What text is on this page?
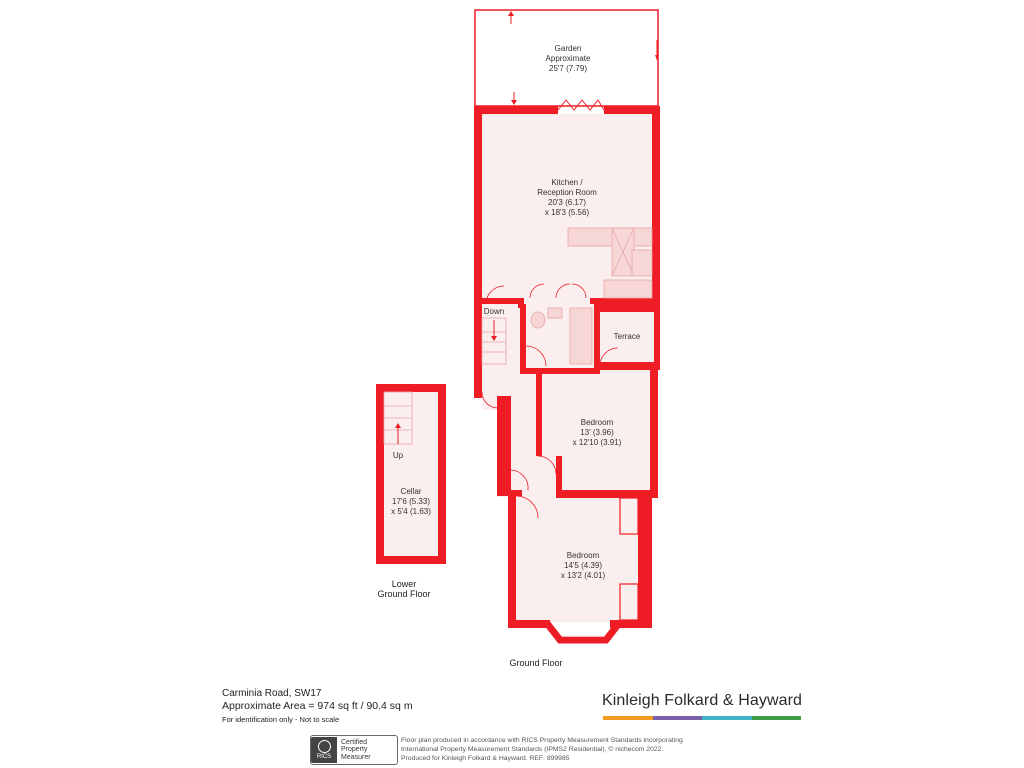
Garden
Approximate
25'7 (7.79)
Kitchen /
Reception Room
20'3 (6.17)
x 18'3 (5.56)
Down
Terrace
Bedroom
13' (3.96)
x 12'10 (3.91)
Bedroom
14'5 (4.39)
x 13'2 (4.01)
Up
Cellar
17'6 (5.33)
x 5'4 (1.63)
Lower
Ground Floor
Ground Floor
Carminia Road, SW17
Approximate Area = 974 sq ft / 90.4 sq m
For identification only - Not to scale
Kinleigh Folkard & Hayward
RICS
Certified
Property
Measurer
Floor plan produced in accordance with RICS Property Measurement Standards incorporating
International Property Measurement Standards (IPMS2 Residential). © nichecom 2022.
Produced for Kinleigh Folkard & Hayward. REF: 899985
